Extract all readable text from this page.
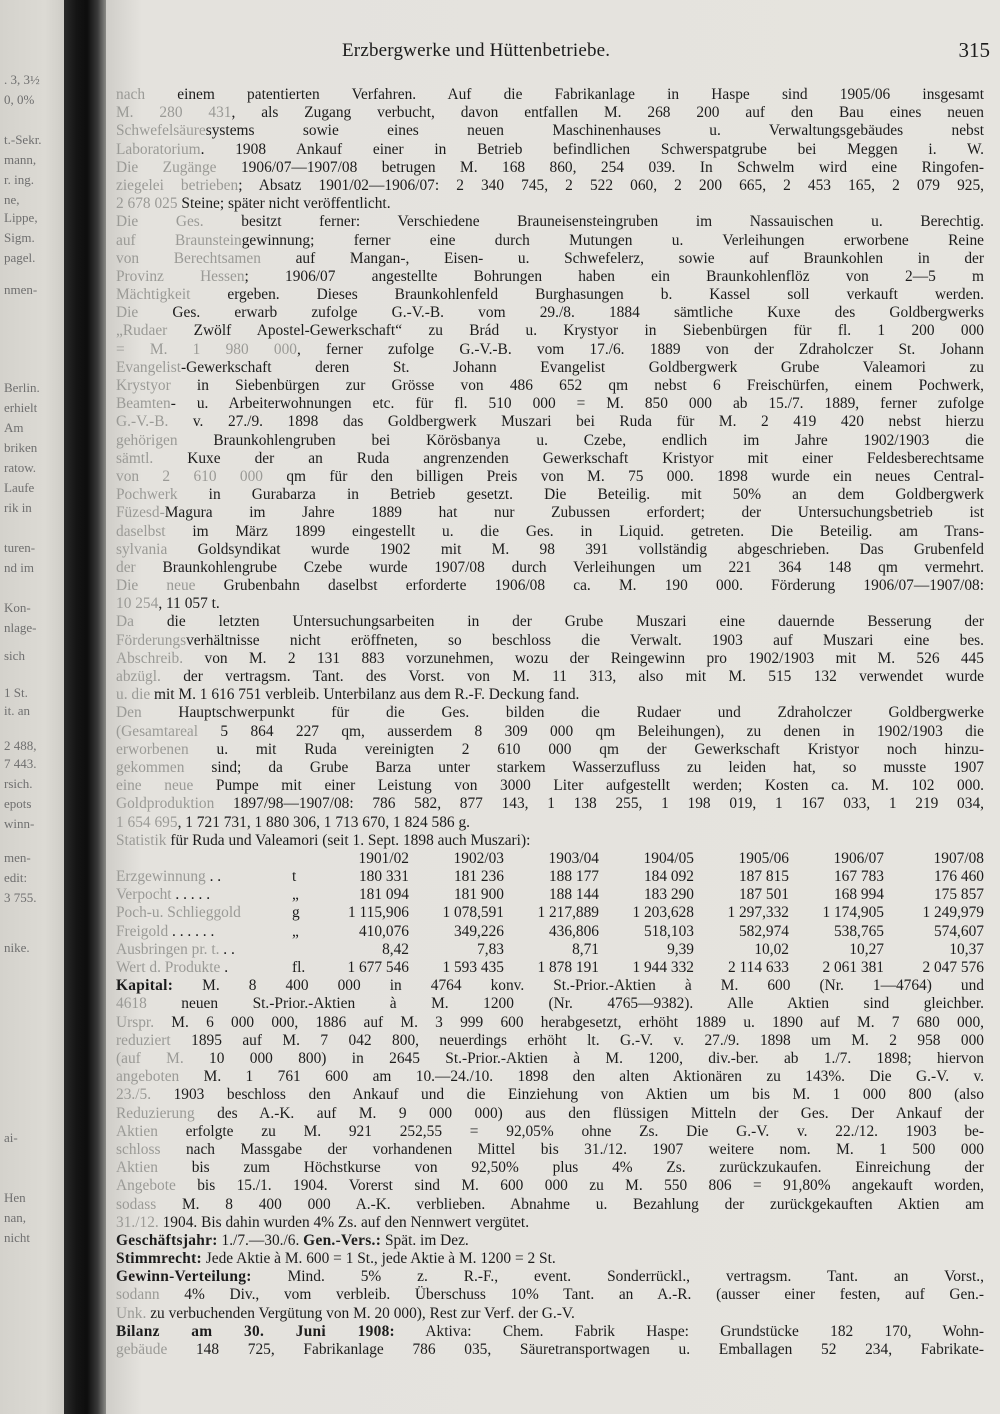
. 3, 3½
0, 0%
t.-Sekr.
mann,
r. ing.
ne,
Lippe,
Sigm.
pagel.
nmen-
Berlin.
erhielt
Am
briken
ratow.
Laufe
rik in
turen-
nd im
Kon-
nlage-
sich
1 St.
it. an
2 488,
7 443.
rsich.
epots
winn-
men-
edit:
3 755.
nike.
ai-
Hen
nan,
nicht
Erzbergwerke und Hüttenbetriebe.	315
nach einem patentierten Verfahren. Auf die Fabrikanlage in Haspe sind 1905/06 insgesamt
M. 280 431, als Zugang verbucht, davon entfallen M. 268 200 auf den Bau eines neuen
Schwefelsäuresystems sowie eines neuen Maschinenhauses u. Verwaltungsgebäudes nebst
Laboratorium. 1908 Ankauf einer in Betrieb befindlichen Schwerspatgrube bei Meggen i. W.
Die Zugänge 1906/07—1907/08 betrugen M. 168 860, 254 039. In Schwelm wird eine Ringofen-
ziegelei betrieben; Absatz 1901/02—1906/07: 2 340 745, 2 522 060, 2 200 665, 2 453 165, 2 079 925,
2 678 025 Steine; später nicht veröffentlicht.
Die Ges. besitzt ferner: Verschiedene Brauneisensteingruben im Nassauischen u. Berechtig.
auf Braunsteingewinnung; ferner eine durch Mutungen u. Verleihungen erworbene Reine
von Berechtsamen auf Mangan-, Eisen- u. Schwefelerz, sowie auf Braunkohlen in der
Provinz Hessen; 1906/07 angestellte Bohrungen haben ein Braunkohlenflöz von 2—5 m
Mächtigkeit ergeben. Dieses Braunkohlenfeld Burghasungen b. Kassel soll verkauft werden.
Die Ges. erwarb zufolge G.-V.-B. vom 29./8. 1884 sämtliche Kuxe des Goldbergwerks
„Rudaer Zwölf Apostel-Gewerkschaft“ zu Brád u. Krystyor in Siebenbürgen für fl. 1 200 000
= M. 1 980 000, ferner zufolge G.-V.-B. vom 17./6. 1889 von der Zdraholczer St. Johann
Evangelist-Gewerkschaft deren St. Johann Evangelist Goldbergwerk Grube Valeamori zu
Krystyor in Siebenbürgen zur Grösse von 486 652 qm nebst 6 Freischürfen, einem Pochwerk,
Beamten- u. Arbeiterwohnungen etc. für fl. 510 000 = M. 850 000 ab 15./7. 1889, ferner zufolge
G.-V.-B. v. 27./9. 1898 das Goldbergwerk Muszari bei Ruda für M. 2 419 420 nebst hierzu
gehörigen Braunkohlengruben bei Körösbanya u. Czebe, endlich im Jahre 1902/1903 die
sämtl. Kuxe der an Ruda angrenzenden Gewerkschaft Kristyor mit einer Feldesberechtsame
von 2 610 000 qm für den billigen Preis von M. 75 000. 1898 wurde ein neues Central-
Pochwerk in Gurabarza in Betrieb gesetzt. Die Beteilig. mit 50% an dem Goldbergwerk
Füzesd-Magura im Jahre 1889 hat nur Zubussen erfordert; der Untersuchungsbetrieb ist
daselbst im März 1899 eingestellt u. die Ges. in Liquid. getreten. Die Beteilig. am Trans-
sylvania Goldsyndikat wurde 1902 mit M. 98 391 vollständig abgeschrieben. Das Grubenfeld
der Braunkohlengrube Czebe wurde 1907/08 durch Verleihungen um 221 364 148 qm vermehrt.
Die neue Grubenbahn daselbst erforderte 1906/08 ca. M. 190 000. Förderung 1906/07—1907/08:
10 254, 11 057 t.
Da die letzten Untersuchungsarbeiten in der Grube Muszari eine dauernde Besserung der
Förderungsverhältnisse nicht eröffneten, so beschloss die Verwalt. 1903 auf Muszari eine bes.
Abschreib. von M. 2 131 883 vorzunehmen, wozu der Reingewinn pro 1902/1903 mit M. 526 445
abzügl. der vertragsm. Tant. des Vorst. von M. 11 313, also mit M. 515 132 verwendet wurde
u. die mit M. 1 616 751 verbleib. Unterbilanz aus dem R.-F. Deckung fand.
Den Hauptschwerpunkt für die Ges. bilden die Rudaer und Zdraholczer Goldbergwerke
(Gesamtareal 5 864 227 qm, ausserdem 8 309 000 qm Beleihungen), zu denen in 1902/1903 die
erworbenen u. mit Ruda vereinigten 2 610 000 qm der Gewerkschaft Kristyor noch hinzu-
gekommen sind; da Grube Barza unter starkem Wasserzufluss zu leiden hat, so musste 1907
eine neue Pumpe mit einer Leistung von 3000 Liter aufgestellt werden; Kosten ca. M. 102 000.
Goldproduktion 1897/98—1907/08: 786 582, 877 143, 1 138 255, 1 198 019, 1 167 033, 1 219 034,
1 654 695, 1 721 731, 1 880 306, 1 713 670, 1 824 586 g.
Statistik für Ruda und Valeamori (seit 1. Sept. 1898 auch Muszari):
		1901/02	1902/03	1903/04	1904/05	1905/06	1906/07	1907/08
Erzgewinnung . .	t	180 331	181 236	188 177	184 092	187 815	167 783	176 460
Verpocht . . . . .	„	181 094	181 900	188 144	183 290	187 501	168 994	175 857
Poch-u. Schlieggold	g	1 115,906	1 078,591	1 217,889	1 203,628	1 297,332	1 174,905	1 249,979
Freigold . . . . . .	„	410,076	349,226	436,806	518,103	582,974	538,765	574,607
Ausbringen pr. t. . .		8,42	7,83	8,71	9,39	10,02	10,27	10,37
Wert d. Produkte .	fl.	1 677 546	1 593 435	1 878 191	1 944 332	2 114 633	2 061 381	2 047 576
Kapital: M. 8 400 000 in 4764 konv. St.-Prior.-Aktien à M. 600 (Nr. 1—4764) und
4618 neuen St.-Prior.-Aktien à M. 1200 (Nr. 4765—9382). Alle Aktien sind gleichber.
Urspr. M. 6 000 000, 1886 auf M. 3 999 600 herabgesetzt, erhöht 1889 u. 1890 auf M. 7 680 000,
reduziert 1895 auf M. 7 042 800, neuerdings erhöht lt. G.-V. v. 27./9. 1898 um M. 2 958 000
(auf M. 10 000 800) in 2645 St.-Prior.-Aktien à M. 1200, div.-ber. ab 1./7. 1898; hiervon
angeboten M. 1 761 600 am 10.—24./10. 1898 den alten Aktionären zu 143%. Die G.-V. v.
23./5. 1903 beschloss den Ankauf und die Einziehung von Aktien um bis M. 1 000 800 (also
Reduzierung des A.-K. auf M. 9 000 000) aus den flüssigen Mitteln der Ges. Der Ankauf der
Aktien erfolgte zu M. 921 252,55 = 92,05% ohne Zs. Die G.-V. v. 22./12. 1903 be-
schloss nach Massgabe der vorhandenen Mittel bis 31./12. 1907 weitere nom. M. 1 500 000
Aktien bis zum Höchstkurse von 92,50% plus 4% Zs. zurückzukaufen. Einreichung der
Angebote bis 15./1. 1904. Vorerst sind M. 600 000 zu M. 550 806 = 91,80% angekauft worden,
sodass M. 8 400 000 A.-K. verblieben. Abnahme u. Bezahlung der zurückgekauften Aktien am
31./12. 1904. Bis dahin wurden 4% Zs. auf den Nennwert vergütet.
Geschäftsjahr: 1./7.—30./6. Gen.-Vers.: Spät. im Dez.
Stimmrecht: Jede Aktie à M. 600 = 1 St., jede Aktie à M. 1200 = 2 St.
Gewinn-Verteilung: Mind. 5% z. R.-F., event. Sonderrückl., vertragsm. Tant. an Vorst.,
sodann 4% Div., vom verbleib. Überschuss 10% Tant. an A.-R. (ausser einer festen, auf Gen.-
Unk. zu verbuchenden Vergütung von M. 20 000), Rest zur Verf. der G.-V.
Bilanz am 30. Juni 1908: Aktiva: Chem. Fabrik Haspe: Grundstücke 182 170, Wohn-
gebäude 148 725, Fabrikanlage 786 035, Säuretransportwagen u. Emballagen 52 234, Fabrikate-
